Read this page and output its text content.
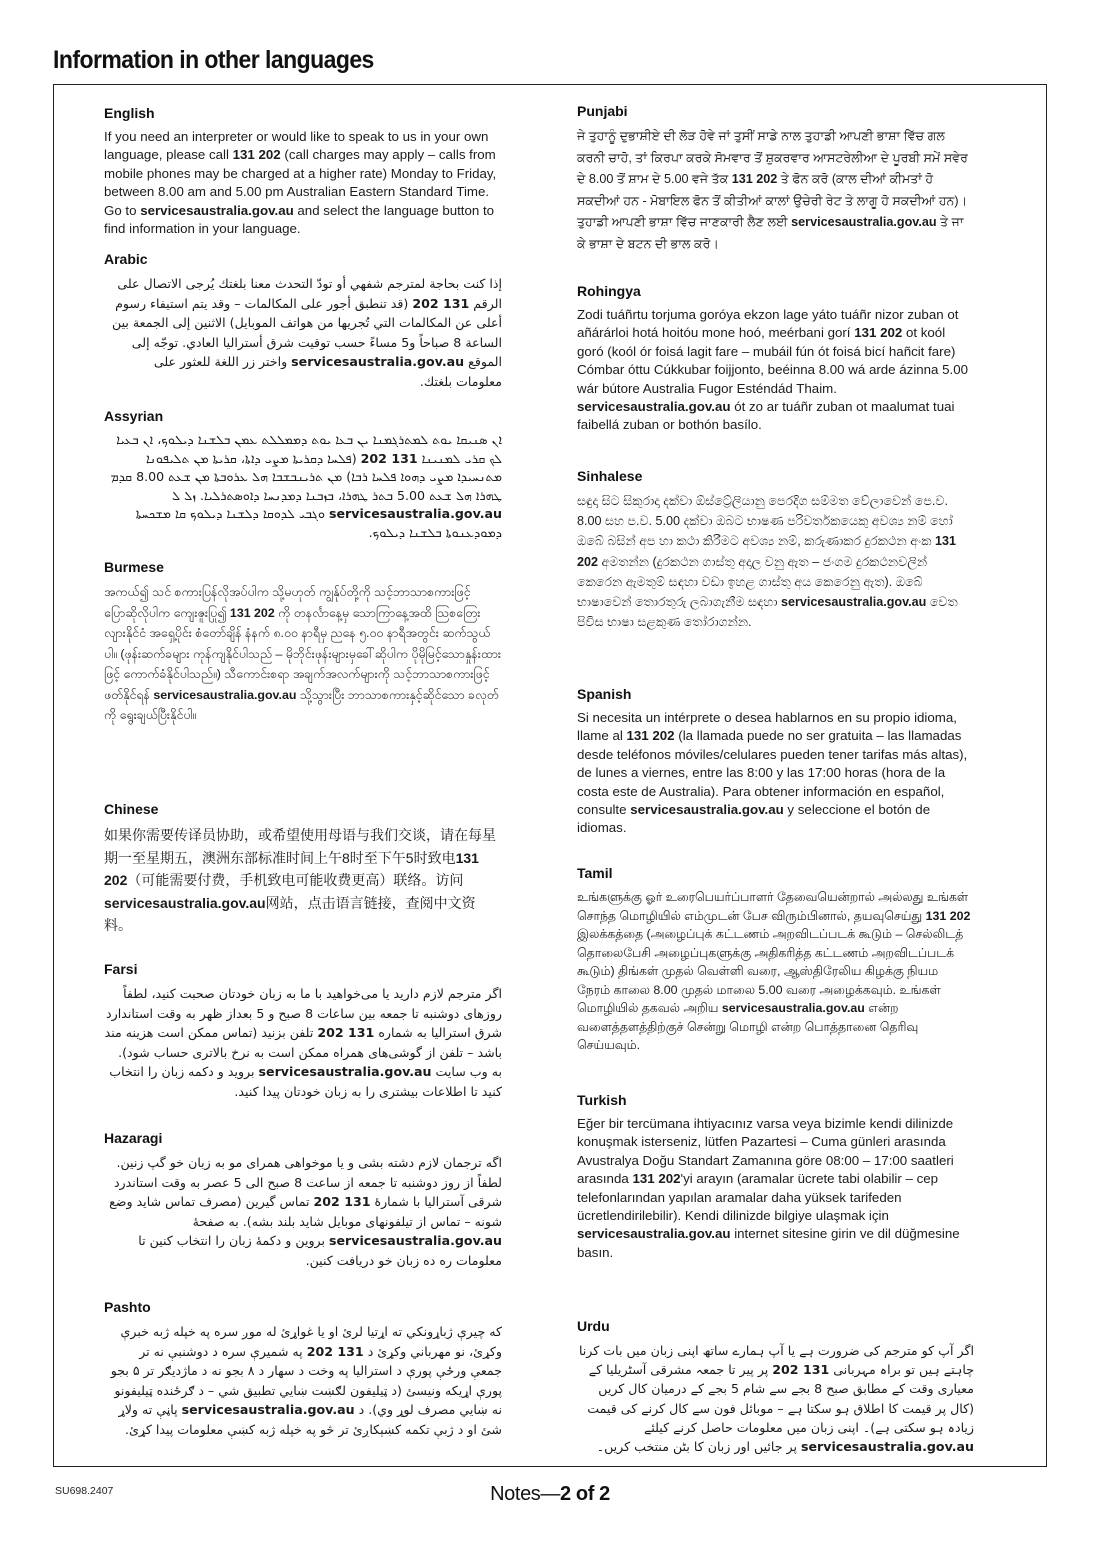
Information in other languages
English

If you need an interpreter or would like to speak to us in your own language, please call 131 202 (call charges may apply – calls from mobile phones may be charged at a higher rate) Monday to Friday, between 8.00 am and 5.00 pm Australian Eastern Standard Time. Go to servicesaustralia.gov.au and select the language button to find information in your language.

Arabic

إذا كنت بحاجة لمترجم شفهي أو تودّ التحدث معنا بلغتك يُرجى الاتصال على الرقم 131 202 (قد تنطبق أجور على المكالمات – وقد يتم استيفاء رسوم أعلى عن المكالمات التي تُجريها من هواتف الموبايل) الاثنين إلى الجمعة بين الساعة 8 صباحاً و5 مساءً حسب توقيت شرق أستراليا العادي. توجّه إلى الموقع servicesaustralia.gov.au واختر زر اللغة للعثور على معلومات بلغتك.

Assyrian

ܐܢ ܣܢܝܩܐ ܝܘܬ ܠܡܬܪܓܡܢܐ ܝܢ ܒܥܐ ܝܘܬ ܕܡܡܠܠܬ ܥܡܢ ܒܠܫܢܐ ܕܝܠܘܟ، ܐܢ ܒܥܝܐ ܠܟ ܩܪܝ ܠܡܢܝܢܐ 131 202 (ܦܠܚܐ ܕܩܪܝܬܐ ܡܨܝ ܕܐܬܐ، ܩܪܝܬܐ ܡܢ ܬܠܝܦܘܢܐ ܡܬܢܚܝܕܐ ܡܨܝ ܕܗܘܐ ܦܠܚܐ ܪܒܐ) ܡܢ ܬܪܝܢܒܫܒܐ ܗܠ ܥܪܘܒܬܐ ܡܢ ܫܥܬ 8.00 ܩܕܡ ܛܗܪܐ ܗܠ ܫܥܬ 5.00 ܒܬܪ ܛܗܪܐ، ܒܙܒܢܐ ܕܡܕܢܚܐ ܕܐܘܣܬܪܠܝܐ. ܙܠ ܠ servicesaustralia.gov.au ܘܓܒܝ ܠܕܘܩܐ ܕܠܫܢܐ ܕܝܠܘܟ ܩܐ ܡܫܟܚܬܐ ܕܡܘܕܥܢܘܬܐ ܒܠܫܢܐ ܕܝܠܘܟ.

Burmese

အကယ်၍ သင် စကားပြန်လိုအပ်ပါက သို့မဟုတ် ကျွန်ုပ်တို့ကို သင့်ဘာသာစကားဖြင့် ပြောဆိုလိုပါက ကျေးဇူးပြု၍ 131 202 ကို တနင်္လာနေ့မှ သောကြာနေ့အထိ ဩစတြေးလျားနိုင်ငံ အရှေ့ပိုင်း စံတော်ချိန် နံနက် ၈.၀၀ နာရီမှ ညနေ ၅.၀၀ နာရီအတွင်း ဆက်သွယ်ပါ။ (ဖုန်းဆက်ခများ ကုန်ကျနိုင်ပါသည် – မိုဘိုင်းဖုန်းများမှခေါ်ဆိုပါက ပိုမိုမြင့်သောနှုန်းထားဖြင့် ကောက်ခံနိုင်ပါသည်။) သီကောင်းစရာ အချက်အလက်များကို သင့်ဘာသာစကားဖြင့် ဖတ်နိုင်ရန် servicesaustralia.gov.au သို့သွားပြီး ဘာသာစကားနှင့်ဆိုင်သော ခလုတ်ကို ရွေးချယ်ပြီးနိုင်ပါ။

Chinese

如果你需要传译员协助，或希望使用母语与我们交谈，请在每星期一至星期五，澳洲东部标准时间上午8时至下午5时致电131 202（可能需要付费，手机致电可能收费更高）联络。访问servicesaustralia.gov.au网站，点击语言链接，查阅中文资料。

Farsi

اگر مترجم لازم دارید یا می‌خواهید با ما به زبان خودتان صحبت کنید، لطفاً روزهای دوشنبه تا جمعه بین ساعات 8 صبح و 5 بعداز ظهر به وقت استاندارد شرق استرالیا به شماره 131 202 تلفن بزنید (تماس ممکن است هزینه مند باشد – تلفن از گوشی‌های همراه ممکن است به نرخ بالاتری حساب شود). به وب سایت servicesaustralia.gov.au بروید و دکمه زبان را انتخاب کنید تا اطلاعات بیشتری را به زبان خودتان پیدا کنید.

Hazaragi

اگه ترجمان لازم دشته بشی و یا موخواهی همرای مو به زبان خو گپ زنین. لطفاً از روز دوشنبه تا جمعه از ساعت 8 صبح الی 5 عصر به وقت استاندرد شرقی آسترالیا با شمارهٔ 131 202 تماس گیرین (مصرف تماس شاید وضع شونه – تماس از تیلفونهای موبایل شاید بلند بشه). به صفحهٔ servicesaustralia.gov.au بروین و دکمهٔ زبان را انتخاب کنین تا معلومات ره ده زبان خو دریافت کنین.

Pashto

که چیرې ژباړونکي ته اړتیا لرئ او یا غواړئ له موږ سره په خپله ژبه خبرې وکړئ، نو مهرباني وکړئ د 131 202 په شمیرې سره د دوشنبې نه تر جمعې ورځې پورې د استرالیا په وخت د سهار د ۸ بجو نه د ماژدیګر تر ۵ بجو پورې اړیکه ونیسئ (د ټیلیفون لګښت ښایي تطبیق شي – د ګرځنده ټیلیفونو نه ښایي مصرف لوړ وي). د servicesaustralia.gov.au پاڼې ته ولاړ شئ او د ژبې تکمه کښېکاږئ تر څو په خپله ژبه کښې معلومات پیدا کړئ.

Punjabi

ਜੇ ਤੁਹਾਨੂੰ ਦੁਭਾਸ਼ੀਏ ਦੀ ਲੋੜ ਹੋਵੇ ਜਾਂ ਤੁਸੀਂ ਸਾਡੇ ਨਾਲ ਤੁਹਾਡੀ ਆਪਣੀ ਭਾਸ਼ਾ ਵਿੱਚ ਗਲ ਕਰਨੀ ਚਾਹੋ, ਤਾਂ ਕਿਰਪਾ ਕਰਕੇ ਸੋਮਵਾਰ ਤੋਂ ਸ਼ੁਕਰਵਾਰ ਆਸਟਰੇਲੀਆ ਦੇ ਪੂਰਬੀ ਸਮੇਂ ਸਵੇਰ ਦੇ 8.00 ਤੋਂ ਸ਼ਾਮ ਦੇ 5.00 ਵਜੇ ਤੱਕ 131 202 ਤੇ ਫੋਨ ਕਰੋ (ਕਾਲ ਦੀਆਂ ਕੀਮਤਾਂ ਹੋ ਸਕਦੀਆਂ ਹਨ - ਮੋਬਾਇਲ ਫੋਨ ਤੋਂ ਕੀਤੀਆਂ ਕਾਲਾਂ ਉਚੇਰੀ ਰੇਟ ਤੇ ਲਾਗੂ ਹੋ ਸਕਦੀਆਂ ਹਨ)। ਤੁਹਾਡੀ ਆਪਣੀ ਭਾਸ਼ਾ ਵਿੱਚ ਜਾਣਕਾਰੀ ਲੈਣ ਲਈ servicesaustralia.gov.au ਤੇ ਜਾ ਕੇ ਭਾਸ਼ਾ ਦੇ ਬਟਨ ਦੀ ਭਾਲ ਕਰੋ।

Rohingya

Zodi tuáñrtu torjuma goróya ekzon lage yáto tuáñr nizor zuban ot añárárloi hotá hoitóu mone hoó, meérbani gorí 131 202 ot koól goró (koól ór foisá lagit fare – mubáil fún ót foisá bicí hañcit fare) Cómbar óttu Cúkkubar foijjonto, beéinna 8.00 wá arde ázinna 5.00 wár bútore Australia Fugor Esténdád Thaim. servicesaustralia.gov.au ót zo ar tuáñr zuban ot maalumat tuai faibellá zuban or bothón basílo.

Sinhalese

සඳුදා සිට සිකුරාදා දක්වා ඕස්ට්‍රේලියානු පෙරදිග සම්මත වේලාවෙන් පෙ.ව. 8.00 සහ ප.ව. 5.00 දක්වා ඔබට භාෂණ පරිවර්තකයෙකු අවශ්‍ය නම් හෝ ඔබේ බසින් අප හා කථා කිරීමට අවශ්‍ය නම්, කරුණාකර දුරකථන අංක 131 202 අමතන්න (දුරකථන ගාස්තු අදාල වනු ඇත – ජංගම දුරකථනවලින් කෙරෙන ඇමතුම් සඳහා වඩා ඉහළ ගාස්තු අය කෙරෙනු ඇත). ඔබේ භාෂාවෙන් තොරතුරු ලබාගැනීම සඳහා servicesaustralia.gov.au වෙත පිවිස භාෂා සළකුණ තෝරාගන්න.

Spanish

Si necesita un intérprete o desea hablarnos en su propio idioma, llame al 131 202 (la llamada puede no ser gratuita – las llamadas desde teléfonos móviles/celulares pueden tener tarifas más altas), de lunes a viernes, entre las 8:00 y las 17:00 horas (hora de la costa este de Australia). Para obtener información en español, consulte servicesaustralia.gov.au y seleccione el botón de idiomas.

Tamil

உங்களுக்கு ஓர் உரைபெயர்ப்பாளர் தேவையென்றால் அல்லது உங்கள் சொந்த மொழியில் எம்முடன் பேச விரும்பினால், தயவுசெய்து 131 202 இலக்கத்தை (அழைப்புக் கட்டணம் அறவிடப்படக் கூடும் – செல்லிடத் தொலைபேசி அழைப்புகளுக்கு அதிகரித்த கட்டணம் அறவிடப்படக் கூடும்) திங்கள் முதல் வெள்ளி வரை, ஆஸ்திரேலிய கிழக்கு நியம நேரம் காலை 8.00 முதல் மாலை 5.00 வரை அழைக்கவும். உங்கள் மொழியில் தகவல் அறிய servicesaustralia.gov.au என்ற வளைத்தளத்திற்குச் சென்று மொழி என்ற பொத்தானை தெரிவு செய்யவும்.

Turkish

Eğer bir tercümana ihtiyacınız varsa veya bizimle kendi dilinizde konuşmak isterseniz, lütfen Pazartesi – Cuma günleri arasında Avustralya Doğu Standart Zamanına göre 08:00 – 17:00 saatleri arasında 131 202'yi arayın (aramalar ücrete tabi olabilir – cep telefonlarından yapılan aramalar daha yüksek tarifeden ücretlendirilebilir). Kendi dilinizde bilgiye ulaşmak için servicesaustralia.gov.au internet sitesine girin ve dil düğmesine basın.

Urdu

اگر آپ کو مترجم کی ضرورت ہے یا آپ ہمارے ساتھ اپنی زبان میں بات کرنا چاہتے ہیں تو براہ مہربانی 131 202 پر پیر تا جمعہ مشرقی آسٹریلیا کے معیاری وقت کے مطابق صبح 8 بجے سے شام 5 بجے کے درمیان کال کریں (کال پر قیمت کا اطلاق ہو سکتا ہے – موبائل فون سے کال کرنے کی قیمت زیادہ ہو سکتی ہے)۔ اپنی زبان میں معلومات حاصل کرنے کیلئے servicesaustralia.gov.au پر جائیں اور زبان کا بٹن منتخب کریں۔

SU698.2407	Notes—2 of 2
